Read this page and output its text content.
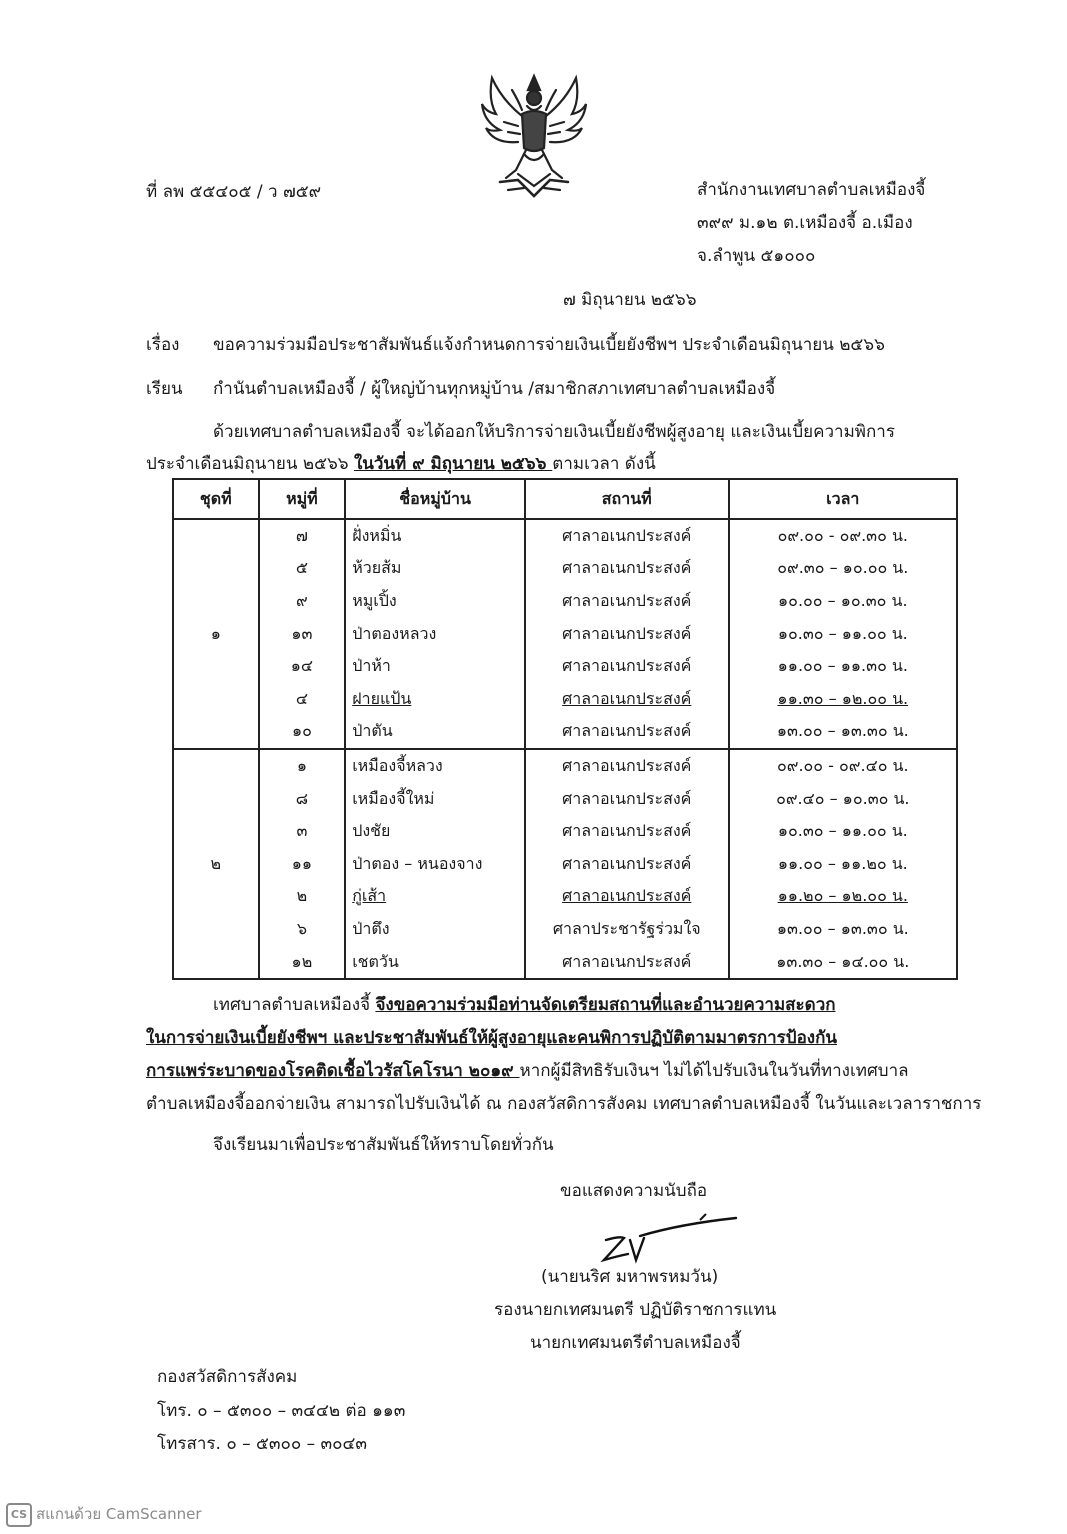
ที่ ลพ ๕๕๔๐๕ / ว ๗๕๙	สำนักงานเทศบาลตำบลเหมืองจี้
๓๙๙ ม.๑๒ ต.เหมืองจี้ อ.เมือง
จ.ลำพูน ๕๑๐๐๐
๗ มิถุนายน ๒๕๖๖
เรื่อง ขอความร่วมมือประชาสัมพันธ์แจ้งกำหนดการจ่ายเงินเบี้ยยังชีพฯ ประจำเดือนมิถุนายน ๒๕๖๖
เรียน กำนันตำบลเหมืองจี้ / ผู้ใหญ่บ้านทุกหมู่บ้าน /สมาชิกสภาเทศบาลตำบลเหมืองจี้
ด้วยเทศบาลตำบลเหมืองจี้ จะได้ออกให้บริการจ่ายเงินเบี้ยยังชีพผู้สูงอายุ และเงินเบี้ยความพิการ
ประจำเดือนมิถุนายน ๒๕๖๖ ในวันที่ ๙ มิถุนายน ๒๕๖๖ ตามเวลา ดังนี้
ชุดที่	หมู่ที่	ชื่อหมู่บ้าน	สถานที่	เวลา
๑	๗	ฝั่งหมิ่น	ศาลาอเนกประสงค์	๐๙.๐๐ - ๐๙.๓๐ น.
	๕	ห้วยส้ม	ศาลาอเนกประสงค์	๐๙.๓๐ – ๑๐.๐๐ น.
	๙	หมูเปิ้ง	ศาลาอเนกประสงค์	๑๐.๐๐ – ๑๐.๓๐ น.
	๑๓	ป่าตองหลวง	ศาลาอเนกประสงค์	๑๐.๓๐ – ๑๑.๐๐ น.
	๑๔	ป่าห้า	ศาลาอเนกประสงค์	๑๑.๐๐ – ๑๑.๓๐ น.
	๔	ฝายแป้น	ศาลาอเนกประสงค์	๑๑.๓๐ – ๑๒.๐๐ น.
	๑๐	ป่าตัน	ศาลาอเนกประสงค์	๑๓.๐๐ – ๑๓.๓๐ น.
๒	๑	เหมืองจี้หลวง	ศาลาอเนกประสงค์	๐๙.๐๐ - ๐๙.๔๐ น.
	๘	เหมืองจี้ใหม่	ศาลาอเนกประสงค์	๐๙.๔๐ – ๑๐.๓๐ น.
	๓	ปงชัย	ศาลาอเนกประสงค์	๑๐.๓๐ – ๑๑.๐๐ น.
	๑๑	ป่าตอง – หนองจาง	ศาลาอเนกประสงค์	๑๑.๐๐ – ๑๑.๒๐ น.
	๒	กู่เส้า	ศาลาอเนกประสงค์	๑๑.๒๐ – ๑๒.๐๐ น.
	๖	ป่าตึง	ศาลาประชารัฐร่วมใจ	๑๓.๐๐ – ๑๓.๓๐ น.
	๑๒	เชตวัน	ศาลาอเนกประสงค์	๑๓.๓๐ – ๑๔.๐๐ น.
เทศบาลตำบลเหมืองจี้ จึงขอความร่วมมือท่านจัดเตรียมสถานที่และอำนวยความสะดวก
ในการจ่ายเงินเบี้ยยังชีพฯ และประชาสัมพันธ์ให้ผู้สูงอายุและคนพิการปฏิบัติตามมาตรการป้องกัน
การแพร่ระบาดของโรคติดเชื้อไวรัสโคโรนา ๒๐๑๙ หากผู้มีสิทธิรับเงินฯ ไม่ได้ไปรับเงินในวันที่ทางเทศบาล
ตำบลเหมืองจี้ออกจ่ายเงิน สามารถไปรับเงินได้ ณ กองสวัสดิการสังคม เทศบาลตำบลเหมืองจี้ ในวันและเวลาราชการ
จึงเรียนมาเพื่อประชาสัมพันธ์ให้ทราบโดยทั่วกัน
ขอแสดงความนับถือ
(นายนริศ มหาพรหมวัน)
รองนายกเทศมนตรี ปฏิบัติราชการแทน
นายกเทศมนตรีตำบลเหมืองจี้
กองสวัสดิการสังคม
โทร. ๐ – ๕๓๐๐ – ๓๔๔๒ ต่อ ๑๑๓
โทรสาร. ๐ – ๕๓๐๐ – ๓๐๔๓
CS สแกนด้วย CamScanner
